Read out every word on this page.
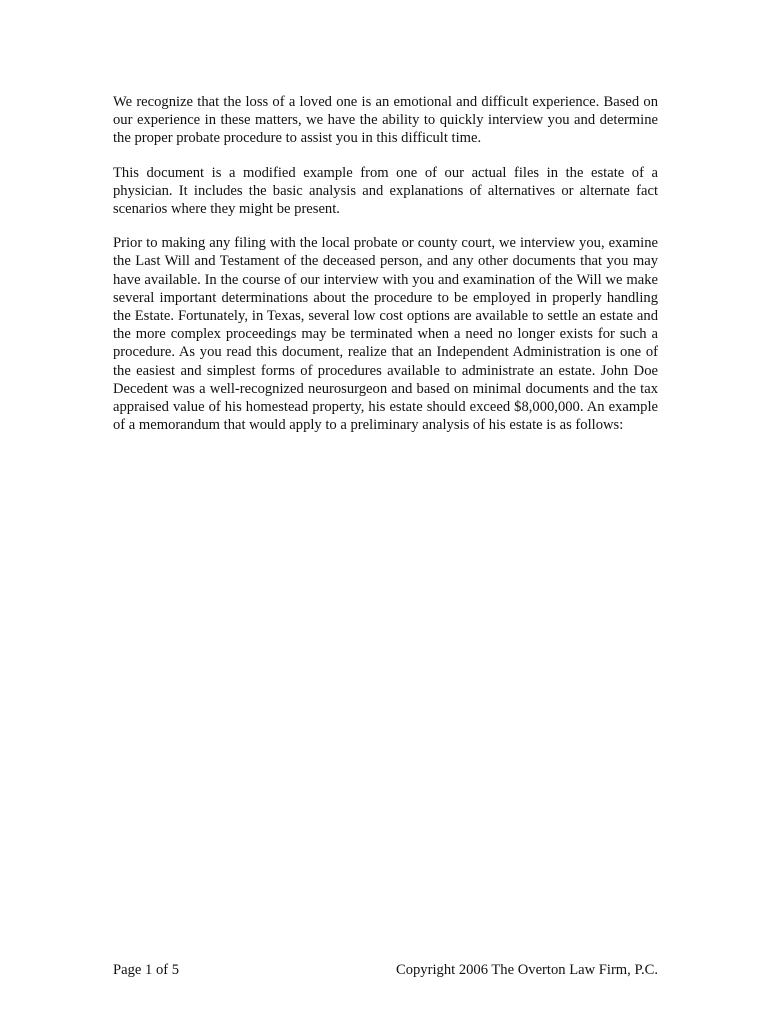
We recognize that the loss of a loved one is an emotional and difficult experience. Based on our experience in these matters, we have the ability to quickly interview you and determine the proper probate procedure to assist you in this difficult time.

This document is a modified example from one of our actual files in the estate of a physician. It includes the basic analysis and explanations of alternatives or alternate fact scenarios where they might be present.

Prior to making any filing with the local probate or county court, we interview you, examine the Last Will and Testament of the deceased person, and any other documents that you may have available. In the course of our interview with you and examination of the Will we make several important determinations about the procedure to be employed in properly handling the Estate. Fortunately, in Texas, several low cost options are available to settle an estate and the more complex proceedings may be terminated when a need no longer exists for such a procedure. As you read this document, realize that an Independent Administration is one of the easiest and simplest forms of procedures available to administrate an estate. John Doe Decedent was a well-recognized neurosurgeon and based on minimal documents and the tax appraised value of his homestead property, his estate should exceed $8,000,000. An example of a memorandum that would apply to a preliminary analysis of his estate is as follows:

Page 1 of 5	Copyright 2006 The Overton Law Firm, P.C.
